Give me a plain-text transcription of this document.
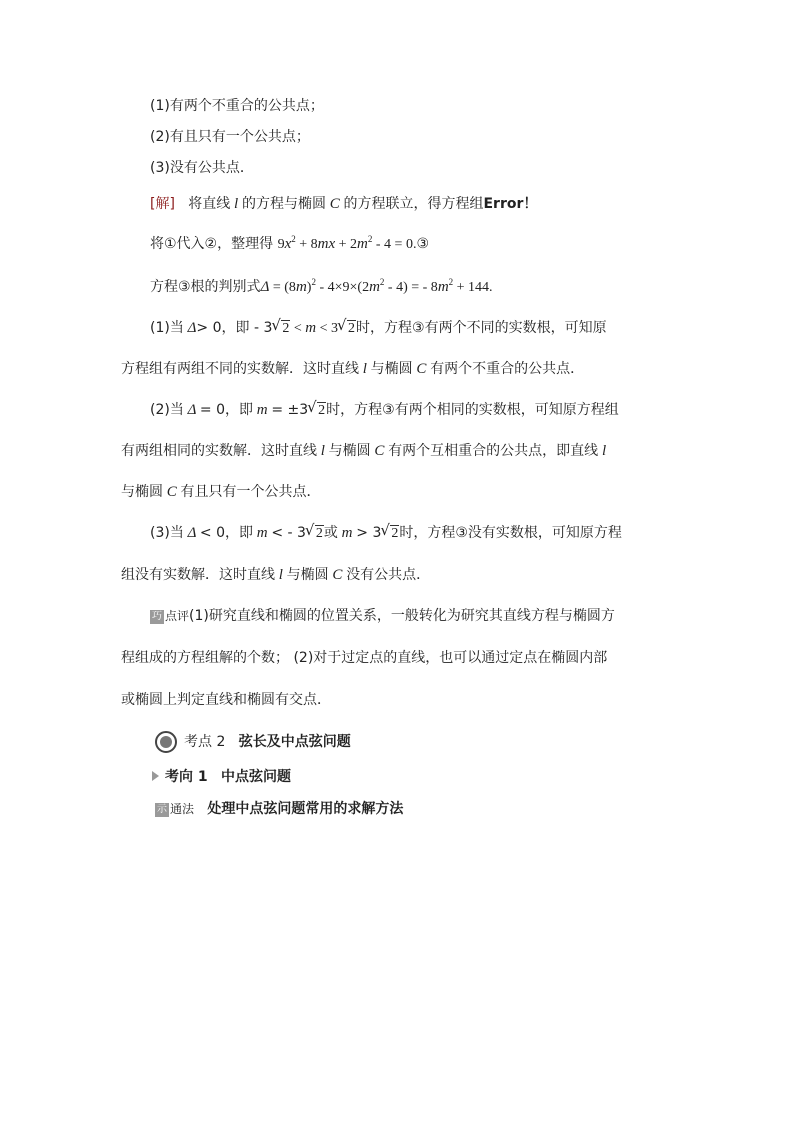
(1)有两个不重合的公共点；
(2)有且只有一个公共点；
(3)没有公共点．
[解] 将直线 l 的方程与椭圆 C 的方程联立，得方程组Error！
将①代入②，整理得 $9x^2 + 8mx + 2m^2 - 4$ = 0.③
方程③根的判别式$\Delta = (8m)^2 - 4\times 9\times(2m^2 - 4)$ = - $8m^2 + 144$.
(1)当 Δ> 0，即 - 3 √ 2 < m < 3 √ 2时，方程③有两个不同的实数根，可知原
方程组有两组不同的实数解．这时直线 l 与椭圆 C 有两个不重合的公共点．
(2)当 Δ = 0，即 m = ±3 √ 2时，方程③有两个相同的实数根，可知原方程组
有两组相同的实数解．这时直线 l 与椭圆 C 有两个互相重合的公共点，即直线 l
与椭圆 C 有且只有一个公共点．
(3)当 Δ < 0，即 m < - 3 √ 2或 m > 3 √ 2时，方程③没有实数根，可知原方程
组没有实数解．这时直线 l 与椭圆 C 没有公共点．
巧 点评(1)研究直线和椭圆的位置关系，一般转化为研究其直线方程与椭圆方
程组成的方程组解的个数； (2)对于过定点的直线，也可以通过定点在椭圆内部
或椭圆上判定直线和椭圆有交点．
考点 2 弦长及中点弦问题
考向 1 中点弦问题
示 通法 处理中点弦问题常用的求解方法
